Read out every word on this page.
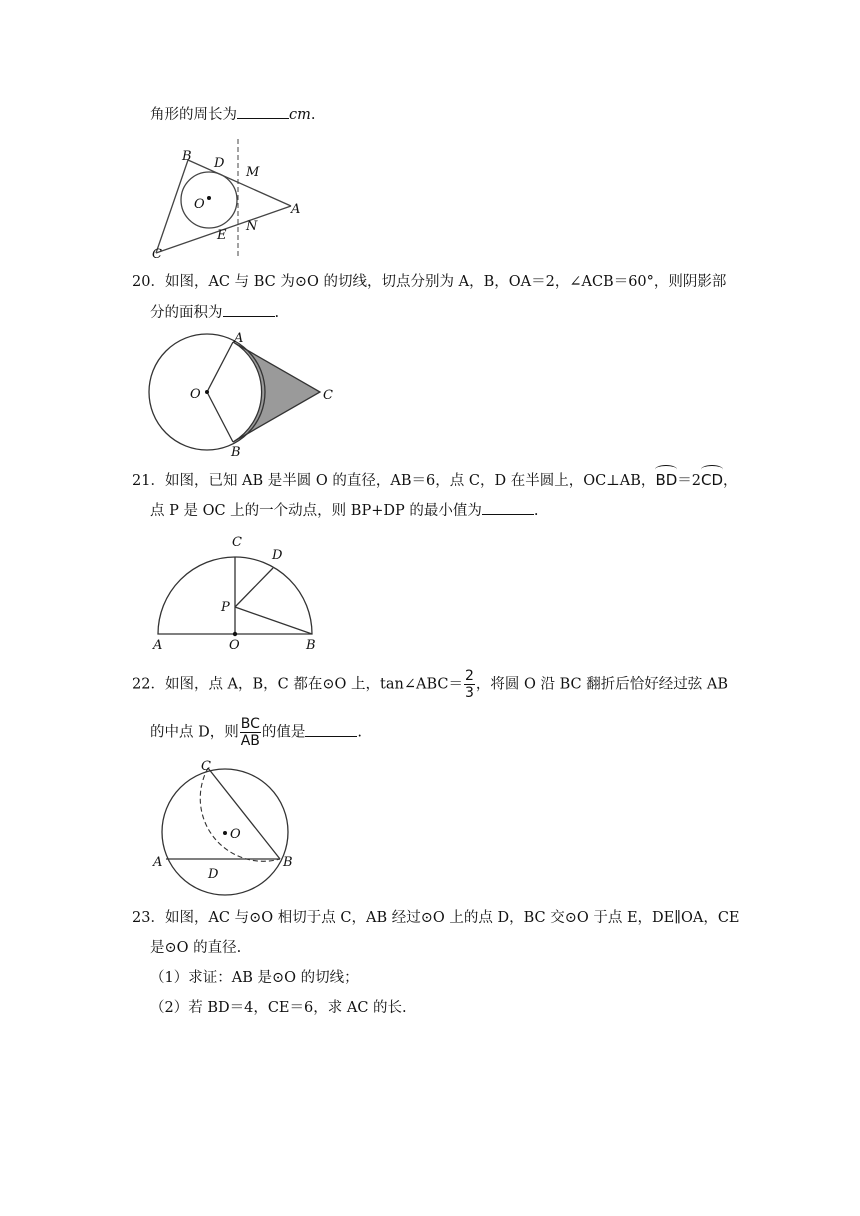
角形的周长为	cm.
B D
M
O	A
C
E
N
20．如图，AC 与 BC 为⊙O 的切线，切点分别为 A，B，OA＝2，∠ACB＝60°，则阴影部
分的面积为	.
A
O	C
B
21．如图，已知 AB 是半圆 O 的直径，AB＝6，点 C，D 在半圆上，OC⊥AB，BD＝2CD，
点 P 是 OC 上的一个动点，则 BP+DP 的最小值为	.
C
D
P
A	O	B
22．如图，点 A，B，C 都在⊙O 上，tan∠ABC＝ $\frac{2}{3}$ ，将圆 O 沿 BC 翻折后恰好经过弦 AB
的中点 D，则 $\frac{BC}{AB}$ 的值是	.
C
O
A
D
B
23．如图，AC 与⊙O 相切于点 C，AB 经过⊙O 上的点 D，BC 交⊙O 于点 E，DE∥OA，CE
是⊙O 的直径.
（1）求证：AB 是⊙O 的切线；
（2）若 BD＝4，CE＝6，求 AC 的长.
